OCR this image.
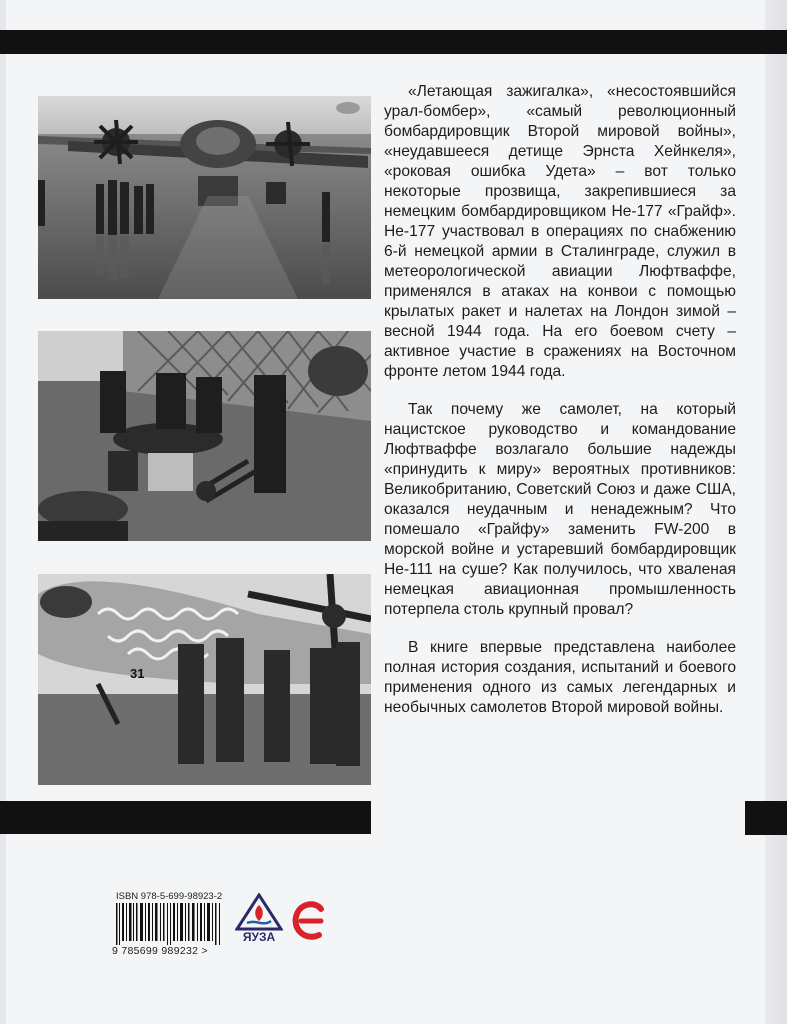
31

«Летающая зажигалка», «несостоявшийся урал-бомбер», «самый революционный бомбардировщик Второй мировой войны», «неудавшееся детище Эрнста Хейнкеля», «роковая ошибка Удета» – вот только некоторые прозвища, закрепившиеся за немецким бомбардировщиком Не-177 «Грайф». Не-177 участвовал в операциях по снабжению 6-й немецкой армии в Сталинграде, служил в метеорологической авиации Люфтваффе, применялся в атаках на конвои с помощью крылатых ракет и налетах на Лондон зимой – весной 1944 года. На его боевом счету – активное участие в сражениях на Восточном фронте летом 1944 года.

Так почему же самолет, на который нацистское руководство и командование Люфтваффе возлагало большие надежды «принудить к миру» вероятных противников: Великобританию, Советский Союз и даже США, оказался неудачным и ненадежным? Что помешало «Грайфу» заменить FW-200 в морской войне и устаревший бомбардировщик Не-111 на суше? Как получилось, что хваленая немецкая авиационная промышленность потерпела столь крупный провал?

В книге впервые представлена наиболее полная история создания, испытаний и боевого применения одного из самых легендарных и необычных самолетов Второй мировой войны.

ISBN 978-5-699-98923-2
9 785699 989232 >
ЯУЗА
